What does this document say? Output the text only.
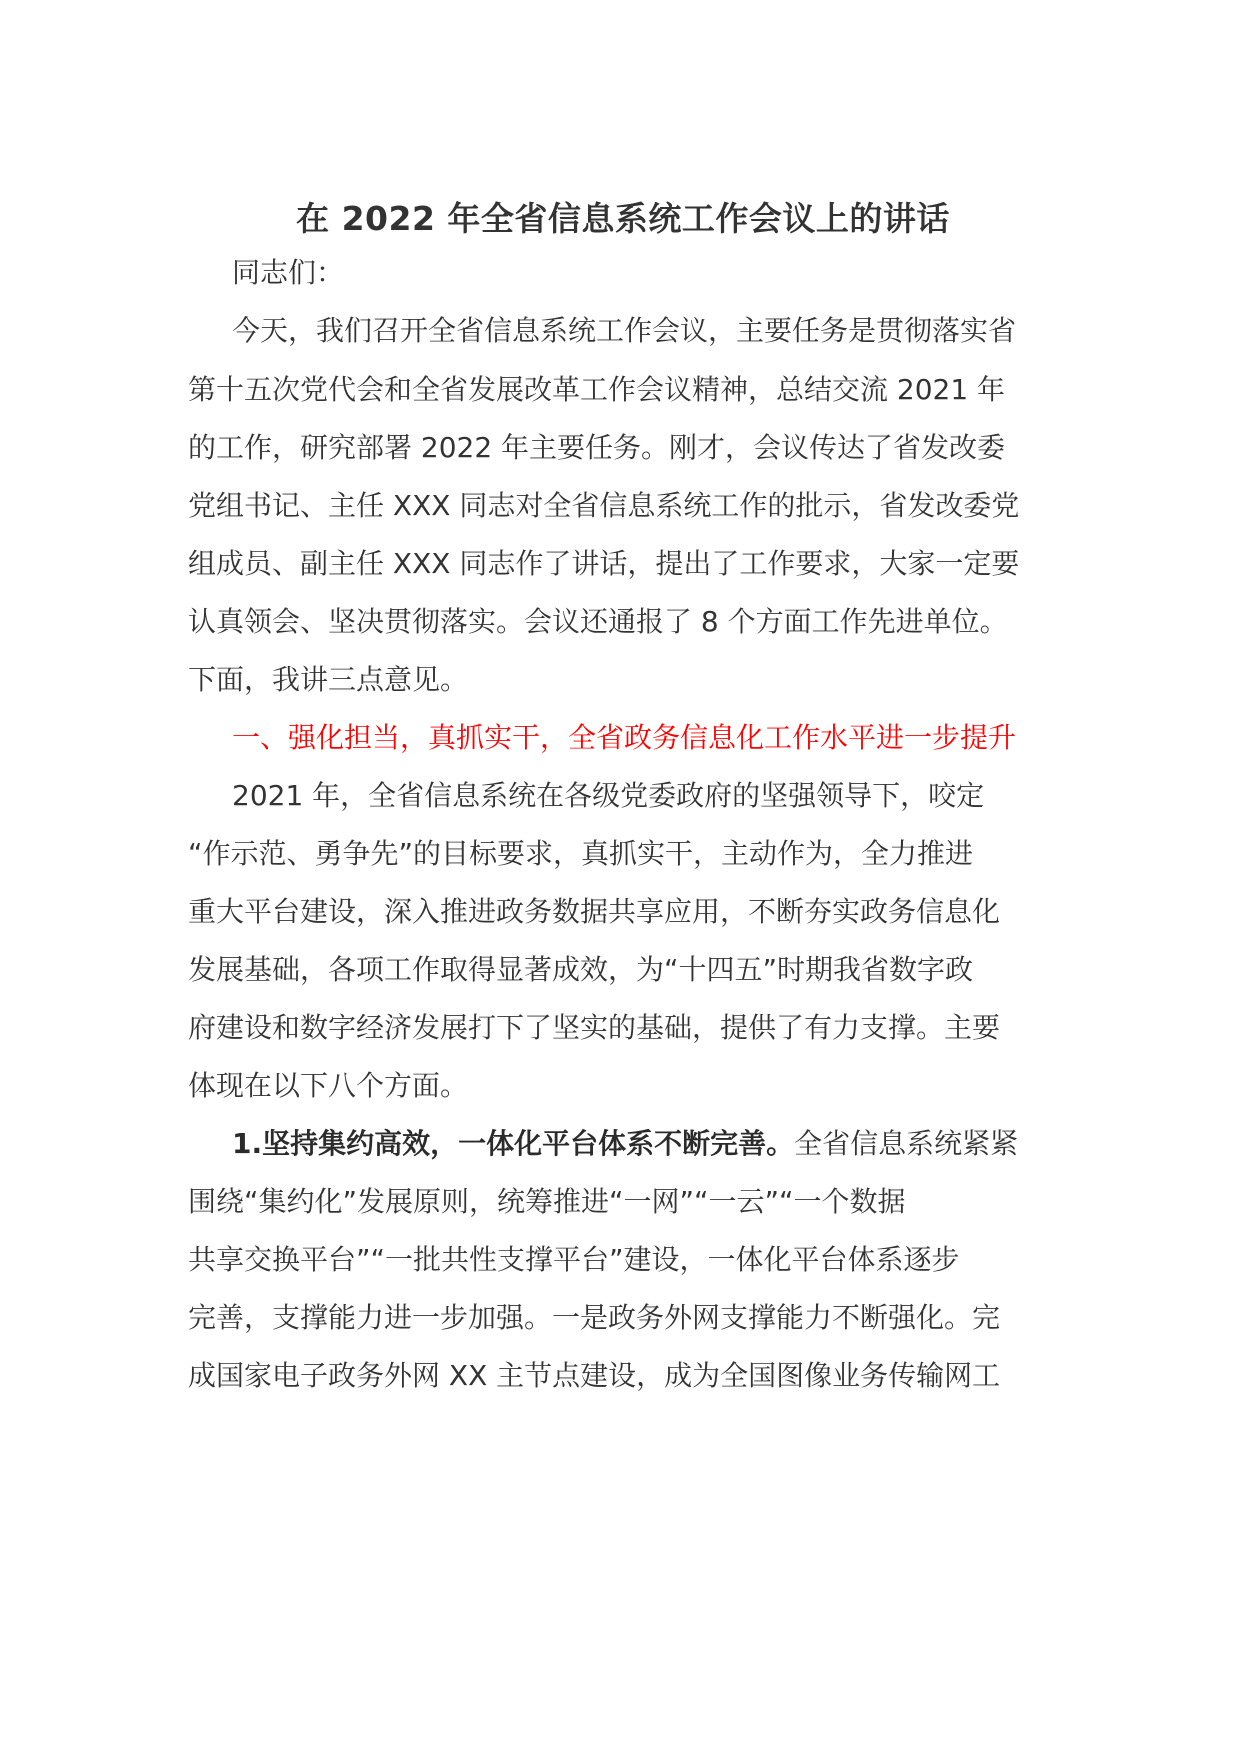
在 2022 年全省信息系统工作会议上的讲话
同志们：
今天，我们召开全省信息系统工作会议，主要任务是贯彻落实省
第十五次党代会和全省发展改革工作会议精神，总结交流 2021 年
的工作，研究部署 2022 年主要任务。刚才，会议传达了省发改委
党组书记、主任 XXX 同志对全省信息系统工作的批示，省发改委党
组成员、副主任 XXX 同志作了讲话，提出了工作要求，大家一定要
认真领会、坚决贯彻落实。会议还通报了 8 个方面工作先进单位。
下面，我讲三点意见。
一、强化担当，真抓实干，全省政务信息化工作水平进一步提升
2021 年，全省信息系统在各级党委政府的坚强领导下，咬定
“作示范、勇争先”的目标要求，真抓实干，主动作为，全力推进
重大平台建设，深入推进政务数据共享应用，不断夯实政务信息化
发展基础，各项工作取得显著成效，为“十四五”时期我省数字政
府建设和数字经济发展打下了坚实的基础，提供了有力支撑。主要
体现在以下八个方面。
1.坚持集约高效，一体化平台体系不断完善。全省信息系统紧紧
围绕“集约化”发展原则，统筹推进“一网”“一云”“一个数据
共享交换平台”“一批共性支撑平台”建设，一体化平台体系逐步
完善，支撑能力进一步加强。一是政务外网支撑能力不断强化。完
成国家电子政务外网 XX 主节点建设，成为全国图像业务传输网工
